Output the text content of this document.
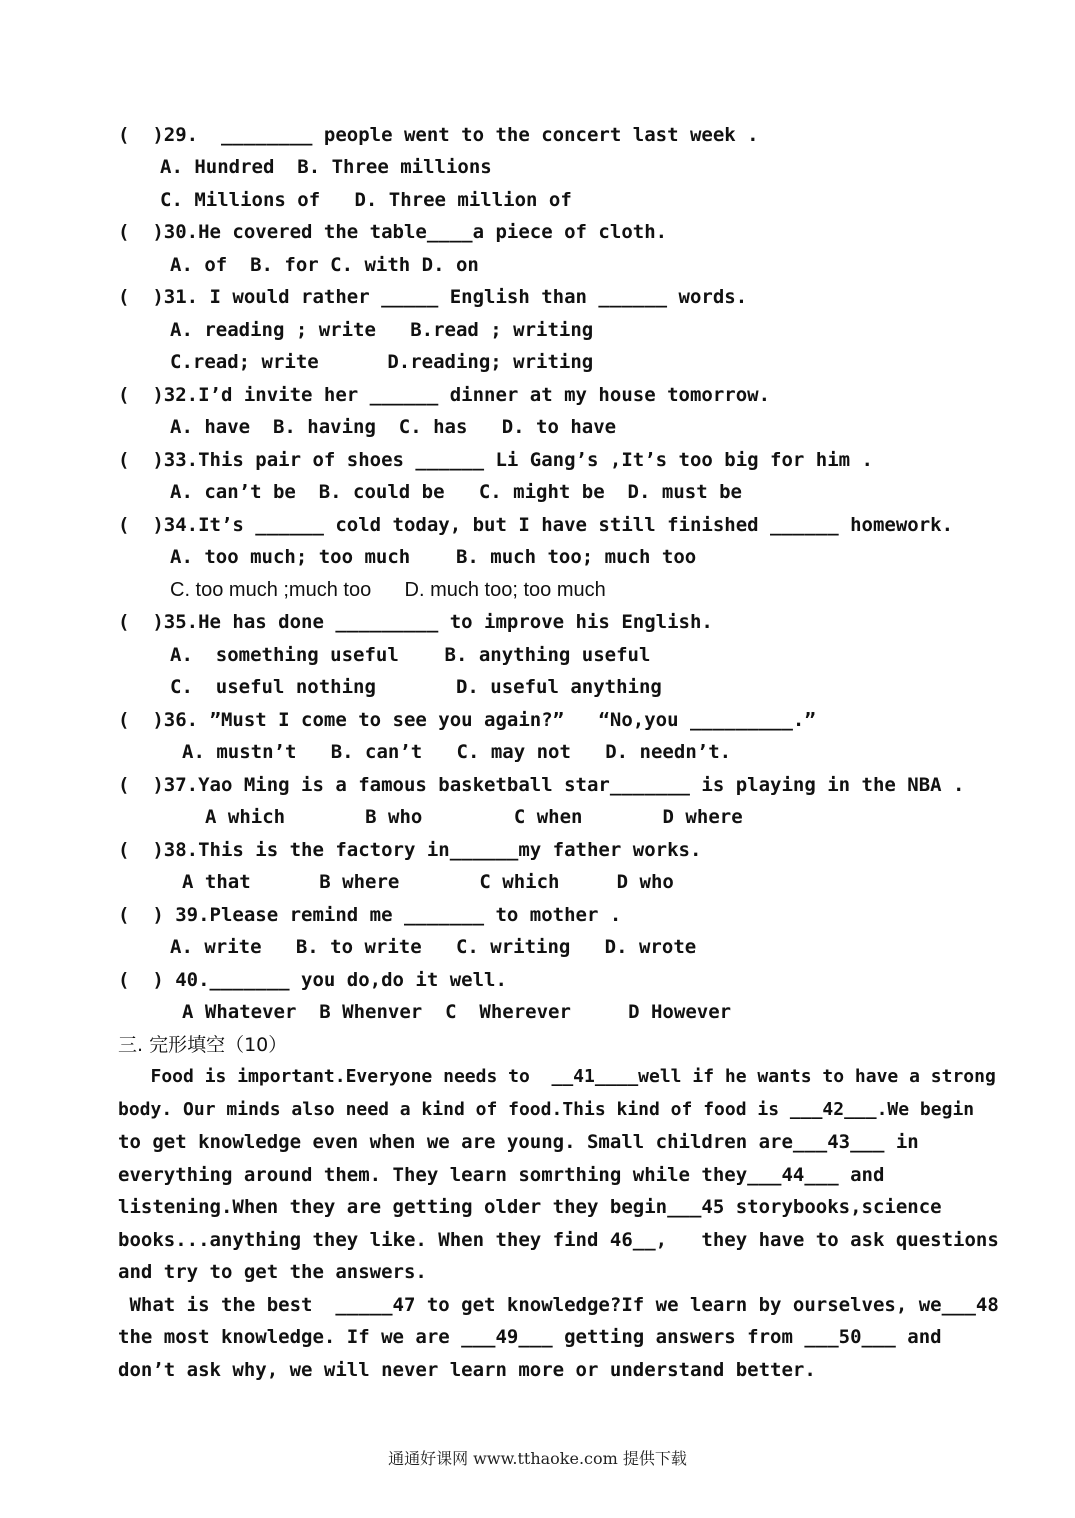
(  )29.  ________ people went to the concert last week .
A. Hundred  B. Three millions
C. Millions of   D. Three million of
(  )30.He covered the table____a piece of cloth.
A. of  B. for C. with D. on
(  )31. I would rather _____ English than ______ words.
A. reading ; write   B.read ; writing
C.read; write      D.reading; writing
(  )32.I’d invite her ______ dinner at my house tomorrow.
A. have  B. having  C. has   D. to have
(  )33.This pair of shoes ______ Li Gang’s ,It’s too big for him .
A. can’t be  B. could be   C. might be  D. must be
(  )34.It’s ______ cold today, but I have still finished ______ homework.
A. too much; too much    B. much too; much too
C. too much ;much too      D. much too; too much
(  )35.He has done _________ to improve his English.
A.  something useful    B. anything useful
C.  useful nothing       D. useful anything
(  )36. ”Must I come to see you again?”   “No,you _________.”
A. mustn’t   B. can’t   C. may not   D. needn’t.
(  )37.Yao Ming is a famous basketball star_______ is playing in the NBA .
A which       B who        C when       D where
(  )38.This is the factory in______my father works.
A that      B where       C which     D who
(  ) 39.Please remind me _______ to mother .
A. write   B. to write   C. writing   D. wrote
(  ) 40._______ you do,do it well.
A Whatever  B Whenver  C  Wherever     D However
三. 完形填空（10）
Food is important.Everyone needs to  __41____well if he wants to have a strong
body. Our minds also need a kind of food.This kind of food is ___42___.We begin
to get knowledge even when we are young. Small children are___43___ in
everything around them. They learn somrthing while they___44___ and
listening.When they are getting older they begin___45 storybooks,science
books...anything they like. When they find 46__,   they have to ask questions
and try to get the answers.
What is the best  _____47 to get knowledge?If we learn by ourselves, we___48
the most knowledge. If we are ___49___ getting answers from ___50___ and
don’t ask why, we will never learn more or understand better.
通通好课网 www.tthaoke.com 提供下载
